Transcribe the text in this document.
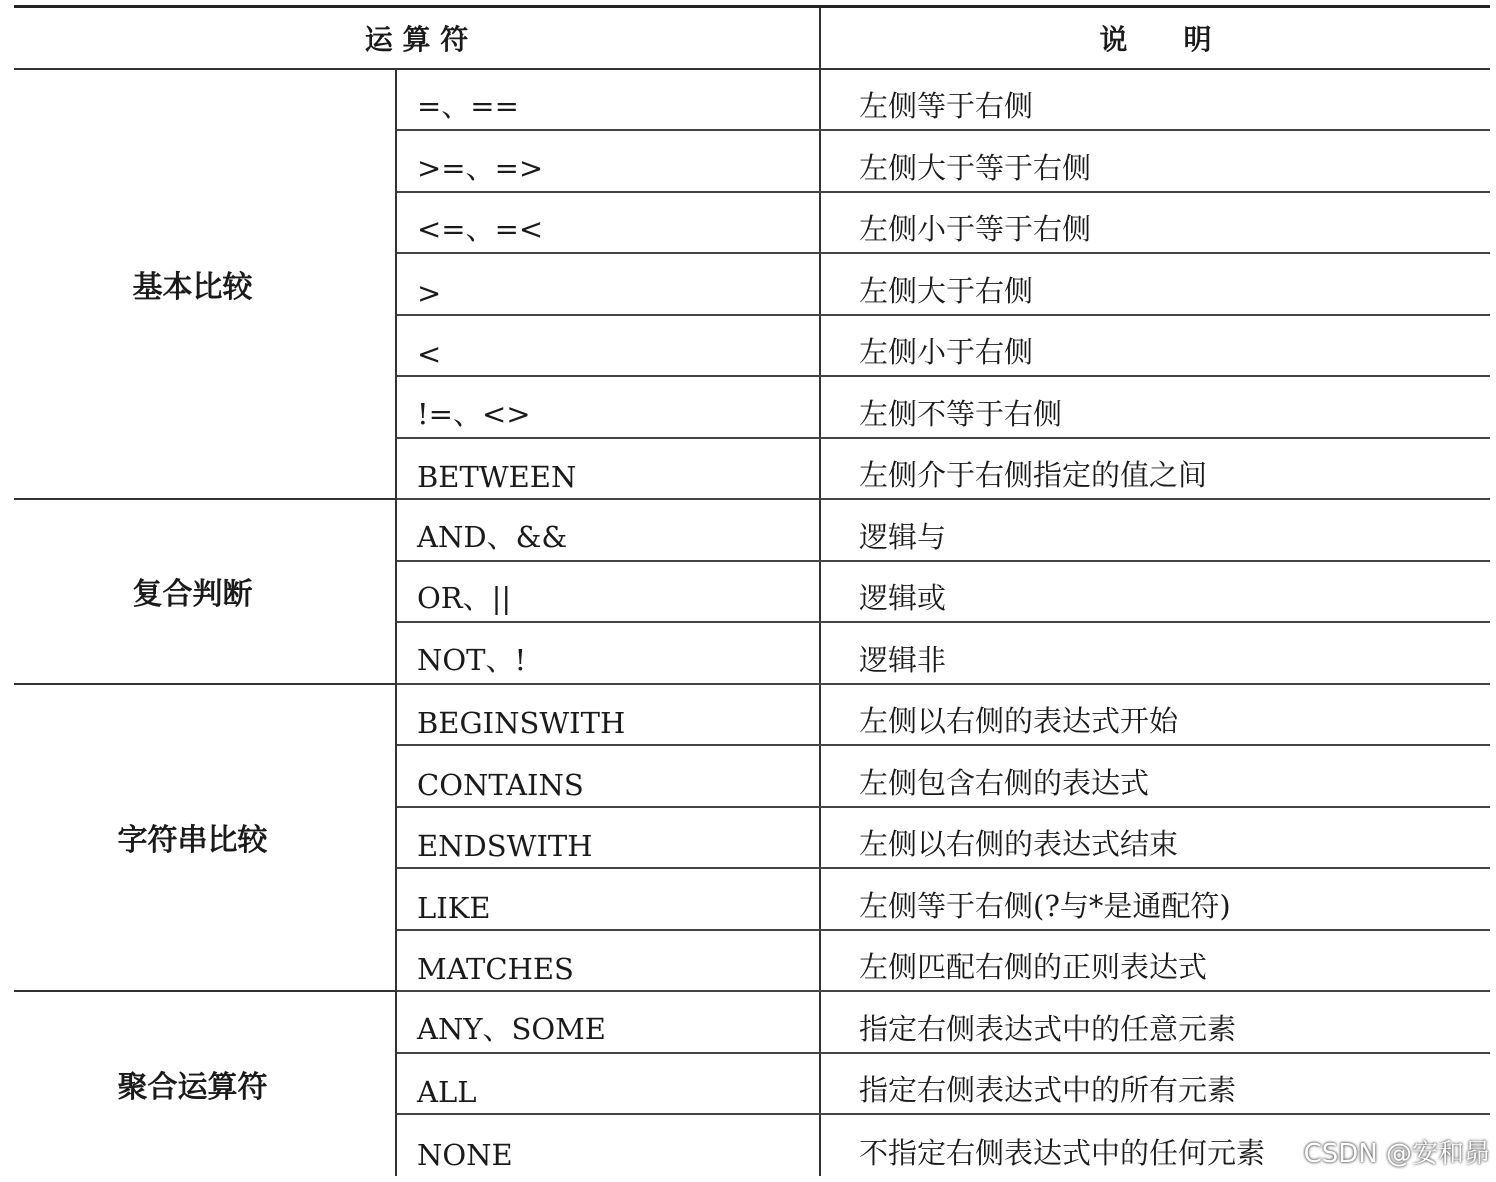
运 算 符		说　　明
基本比较	=、==	左侧等于右侧
	>=、=>	左侧大于等于右侧
	<=、=<	左侧小于等于右侧
	>	左侧大于右侧
	<	左侧小于右侧
	!=、<>	左侧不等于右侧
	BETWEEN	左侧介于右侧指定的值之间
复合判断	AND、&&	逻辑与
	OR、||	逻辑或
	NOT、!	逻辑非
字符串比较	BEGINSWITH	左侧以右侧的表达式开始
	CONTAINS	左侧包含右侧的表达式
	ENDSWITH	左侧以右侧的表达式结束
	LIKE	左侧等于右侧(?与*是通配符)
	MATCHES	左侧匹配右侧的正则表达式
聚合运算符	ANY、SOME	指定右侧表达式中的任意元素
	ALL	指定右侧表达式中的所有元素
	NONE	不指定右侧表达式中的任何元素 CSDN @安和昴
